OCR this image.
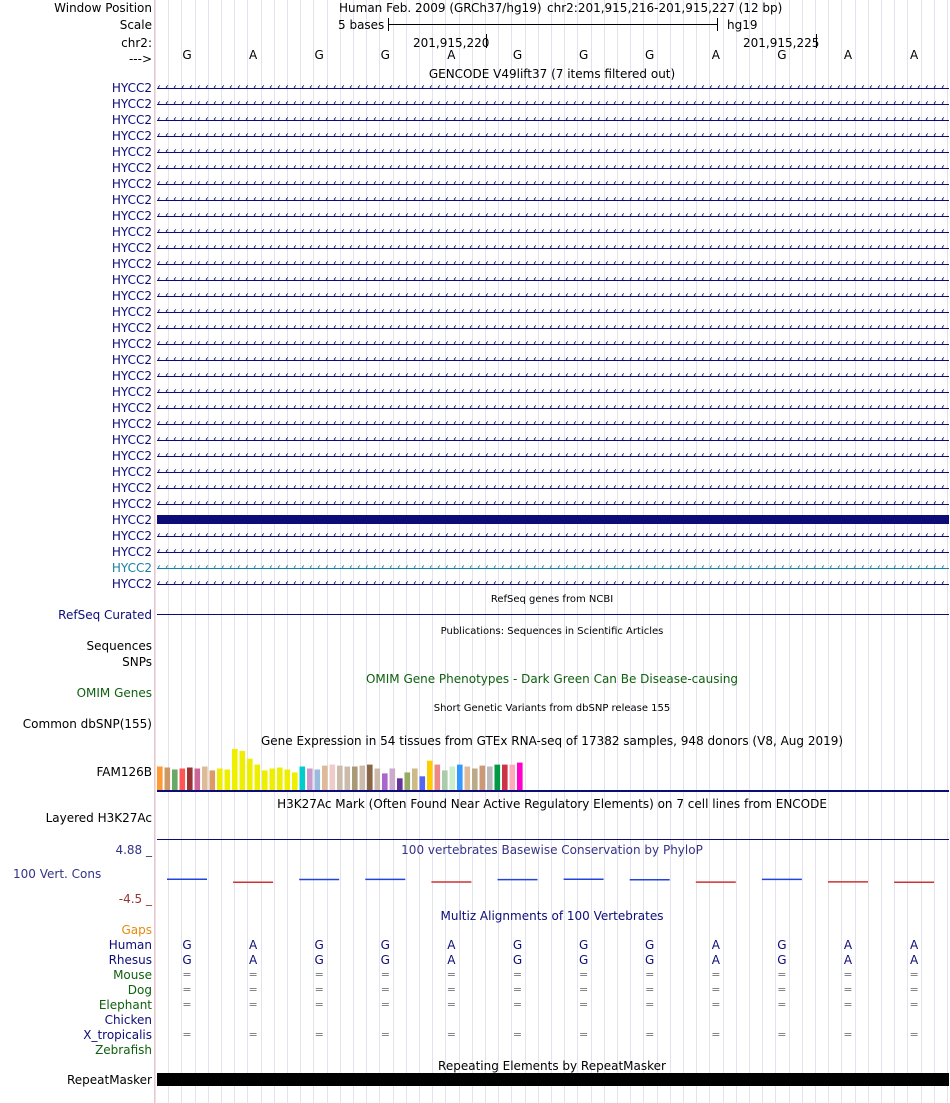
Window Position
Scale
chr2:
--->
Human Feb. 2009 (GRCh37/hg19) chr2:201,915,216-201,915,227 (12 bp)
5 bases	hg19
201,915,220	201,915,225
G	A	G	G	A	G	G	G	A	G	A	A
GENCODE V49lift37 (7 items filtered out)
HYCC2 ‹ ‹ ‹ ‹ ‹ ‹ ‹ ‹ ‹ ‹ ‹ ‹ ‹ ‹ ‹ ‹ ‹ ‹ ‹ ‹ ‹ ‹ ‹ ‹ ‹ ‹ ‹ ‹ ‹ ‹ ‹ ‹ ‹ ‹ ‹ ‹ ‹ ‹ ‹ ‹ ‹ ‹ ‹ ‹ ‹ ‹ ‹ ‹ ‹ ‹ ‹ ‹ ‹ ‹ ‹ ‹ ‹ ‹ ‹ ‹ ‹ ‹ ‹ ‹ ‹ ‹ ‹ ‹ ‹ ‹ ‹ ‹ ‹ ‹ ‹ ‹ ‹ ‹ ‹ ‹ ‹ ‹ ‹ ‹ ‹ ‹ ‹ ‹ ‹ ‹ ‹ ‹ ‹ ‹ ‹ ‹ ‹ ‹ ‹
HYCC2 ‹ ‹ ‹ ‹ ‹ ‹ ‹ ‹ ‹ ‹ ‹ ‹ ‹ ‹ ‹ ‹ ‹ ‹ ‹ ‹ ‹ ‹ ‹ ‹ ‹ ‹ ‹ ‹ ‹ ‹ ‹ ‹ ‹ ‹ ‹ ‹ ‹ ‹ ‹ ‹ ‹ ‹ ‹ ‹ ‹ ‹ ‹ ‹ ‹ ‹ ‹ ‹ ‹ ‹ ‹ ‹ ‹ ‹ ‹ ‹ ‹ ‹ ‹ ‹ ‹ ‹ ‹ ‹ ‹ ‹ ‹ ‹ ‹ ‹ ‹ ‹ ‹ ‹ ‹ ‹ ‹ ‹ ‹ ‹ ‹ ‹ ‹ ‹ ‹ ‹ ‹ ‹ ‹ ‹ ‹ ‹ ‹ ‹ ‹
HYCC2 ‹ ‹ ‹ ‹ ‹ ‹ ‹ ‹ ‹ ‹ ‹ ‹ ‹ ‹ ‹ ‹ ‹ ‹ ‹ ‹ ‹ ‹ ‹ ‹ ‹ ‹ ‹ ‹ ‹ ‹ ‹ ‹ ‹ ‹ ‹ ‹ ‹ ‹ ‹ ‹ ‹ ‹ ‹ ‹ ‹ ‹ ‹ ‹ ‹ ‹ ‹ ‹ ‹ ‹ ‹ ‹ ‹ ‹ ‹ ‹ ‹ ‹ ‹ ‹ ‹ ‹ ‹ ‹ ‹ ‹ ‹ ‹ ‹ ‹ ‹ ‹ ‹ ‹ ‹ ‹ ‹ ‹ ‹ ‹ ‹ ‹ ‹ ‹ ‹ ‹ ‹ ‹ ‹ ‹ ‹ ‹ ‹ ‹ ‹
HYCC2 ‹ ‹ ‹ ‹ ‹ ‹ ‹ ‹ ‹ ‹ ‹ ‹ ‹ ‹ ‹ ‹ ‹ ‹ ‹ ‹ ‹ ‹ ‹ ‹ ‹ ‹ ‹ ‹ ‹ ‹ ‹ ‹ ‹ ‹ ‹ ‹ ‹ ‹ ‹ ‹ ‹ ‹ ‹ ‹ ‹ ‹ ‹ ‹ ‹ ‹ ‹ ‹ ‹ ‹ ‹ ‹ ‹ ‹ ‹ ‹ ‹ ‹ ‹ ‹ ‹ ‹ ‹ ‹ ‹ ‹ ‹ ‹ ‹ ‹ ‹ ‹ ‹ ‹ ‹ ‹ ‹ ‹ ‹ ‹ ‹ ‹ ‹ ‹ ‹ ‹ ‹ ‹ ‹ ‹ ‹ ‹ ‹ ‹ ‹
HYCC2 ‹ ‹ ‹ ‹ ‹ ‹ ‹ ‹ ‹ ‹ ‹ ‹ ‹ ‹ ‹ ‹ ‹ ‹ ‹ ‹ ‹ ‹ ‹ ‹ ‹ ‹ ‹ ‹ ‹ ‹ ‹ ‹ ‹ ‹ ‹ ‹ ‹ ‹ ‹ ‹ ‹ ‹ ‹ ‹ ‹ ‹ ‹ ‹ ‹ ‹ ‹ ‹ ‹ ‹ ‹ ‹ ‹ ‹ ‹ ‹ ‹ ‹ ‹ ‹ ‹ ‹ ‹ ‹ ‹ ‹ ‹ ‹ ‹ ‹ ‹ ‹ ‹ ‹ ‹ ‹ ‹ ‹ ‹ ‹ ‹ ‹ ‹ ‹ ‹ ‹ ‹ ‹ ‹ ‹ ‹ ‹ ‹ ‹ ‹
HYCC2 ‹ ‹ ‹ ‹ ‹ ‹ ‹ ‹ ‹ ‹ ‹ ‹ ‹ ‹ ‹ ‹ ‹ ‹ ‹ ‹ ‹ ‹ ‹ ‹ ‹ ‹ ‹ ‹ ‹ ‹ ‹ ‹ ‹ ‹ ‹ ‹ ‹ ‹ ‹ ‹ ‹ ‹ ‹ ‹ ‹ ‹ ‹ ‹ ‹ ‹ ‹ ‹ ‹ ‹ ‹ ‹ ‹ ‹ ‹ ‹ ‹ ‹ ‹ ‹ ‹ ‹ ‹ ‹ ‹ ‹ ‹ ‹ ‹ ‹ ‹ ‹ ‹ ‹ ‹ ‹ ‹ ‹ ‹ ‹ ‹ ‹ ‹ ‹ ‹ ‹ ‹ ‹ ‹ ‹ ‹ ‹ ‹ ‹ ‹
HYCC2 ‹ ‹ ‹ ‹ ‹ ‹ ‹ ‹ ‹ ‹ ‹ ‹ ‹ ‹ ‹ ‹ ‹ ‹ ‹ ‹ ‹ ‹ ‹ ‹ ‹ ‹ ‹ ‹ ‹ ‹ ‹ ‹ ‹ ‹ ‹ ‹ ‹ ‹ ‹ ‹ ‹ ‹ ‹ ‹ ‹ ‹ ‹ ‹ ‹ ‹ ‹ ‹ ‹ ‹ ‹ ‹ ‹ ‹ ‹ ‹ ‹ ‹ ‹ ‹ ‹ ‹ ‹ ‹ ‹ ‹ ‹ ‹ ‹ ‹ ‹ ‹ ‹ ‹ ‹ ‹ ‹ ‹ ‹ ‹ ‹ ‹ ‹ ‹ ‹ ‹ ‹ ‹ ‹ ‹ ‹ ‹ ‹ ‹ ‹
HYCC2 ‹ ‹ ‹ ‹ ‹ ‹ ‹ ‹ ‹ ‹ ‹ ‹ ‹ ‹ ‹ ‹ ‹ ‹ ‹ ‹ ‹ ‹ ‹ ‹ ‹ ‹ ‹ ‹ ‹ ‹ ‹ ‹ ‹ ‹ ‹ ‹ ‹ ‹ ‹ ‹ ‹ ‹ ‹ ‹ ‹ ‹ ‹ ‹ ‹ ‹ ‹ ‹ ‹ ‹ ‹ ‹ ‹ ‹ ‹ ‹ ‹ ‹ ‹ ‹ ‹ ‹ ‹ ‹ ‹ ‹ ‹ ‹ ‹ ‹ ‹ ‹ ‹ ‹ ‹ ‹ ‹ ‹ ‹ ‹ ‹ ‹ ‹ ‹ ‹ ‹ ‹ ‹ ‹ ‹ ‹ ‹ ‹ ‹ ‹
HYCC2 ‹ ‹ ‹ ‹ ‹ ‹ ‹ ‹ ‹ ‹ ‹ ‹ ‹ ‹ ‹ ‹ ‹ ‹ ‹ ‹ ‹ ‹ ‹ ‹ ‹ ‹ ‹ ‹ ‹ ‹ ‹ ‹ ‹ ‹ ‹ ‹ ‹ ‹ ‹ ‹ ‹ ‹ ‹ ‹ ‹ ‹ ‹ ‹ ‹ ‹ ‹ ‹ ‹ ‹ ‹ ‹ ‹ ‹ ‹ ‹ ‹ ‹ ‹ ‹ ‹ ‹ ‹ ‹ ‹ ‹ ‹ ‹ ‹ ‹ ‹ ‹ ‹ ‹ ‹ ‹ ‹ ‹ ‹ ‹ ‹ ‹ ‹ ‹ ‹ ‹ ‹ ‹ ‹ ‹ ‹ ‹ ‹ ‹ ‹
HYCC2 ‹ ‹ ‹ ‹ ‹ ‹ ‹ ‹ ‹ ‹ ‹ ‹ ‹ ‹ ‹ ‹ ‹ ‹ ‹ ‹ ‹ ‹ ‹ ‹ ‹ ‹ ‹ ‹ ‹ ‹ ‹ ‹ ‹ ‹ ‹ ‹ ‹ ‹ ‹ ‹ ‹ ‹ ‹ ‹ ‹ ‹ ‹ ‹ ‹ ‹ ‹ ‹ ‹ ‹ ‹ ‹ ‹ ‹ ‹ ‹ ‹ ‹ ‹ ‹ ‹ ‹ ‹ ‹ ‹ ‹ ‹ ‹ ‹ ‹ ‹ ‹ ‹ ‹ ‹ ‹ ‹ ‹ ‹ ‹ ‹ ‹ ‹ ‹ ‹ ‹ ‹ ‹ ‹ ‹ ‹ ‹ ‹ ‹ ‹
HYCC2 ‹ ‹ ‹ ‹ ‹ ‹ ‹ ‹ ‹ ‹ ‹ ‹ ‹ ‹ ‹ ‹ ‹ ‹ ‹ ‹ ‹ ‹ ‹ ‹ ‹ ‹ ‹ ‹ ‹ ‹ ‹ ‹ ‹ ‹ ‹ ‹ ‹ ‹ ‹ ‹ ‹ ‹ ‹ ‹ ‹ ‹ ‹ ‹ ‹ ‹ ‹ ‹ ‹ ‹ ‹ ‹ ‹ ‹ ‹ ‹ ‹ ‹ ‹ ‹ ‹ ‹ ‹ ‹ ‹ ‹ ‹ ‹ ‹ ‹ ‹ ‹ ‹ ‹ ‹ ‹ ‹ ‹ ‹ ‹ ‹ ‹ ‹ ‹ ‹ ‹ ‹ ‹ ‹ ‹ ‹ ‹ ‹ ‹ ‹
HYCC2 ‹ ‹ ‹ ‹ ‹ ‹ ‹ ‹ ‹ ‹ ‹ ‹ ‹ ‹ ‹ ‹ ‹ ‹ ‹ ‹ ‹ ‹ ‹ ‹ ‹ ‹ ‹ ‹ ‹ ‹ ‹ ‹ ‹ ‹ ‹ ‹ ‹ ‹ ‹ ‹ ‹ ‹ ‹ ‹ ‹ ‹ ‹ ‹ ‹ ‹ ‹ ‹ ‹ ‹ ‹ ‹ ‹ ‹ ‹ ‹ ‹ ‹ ‹ ‹ ‹ ‹ ‹ ‹ ‹ ‹ ‹ ‹ ‹ ‹ ‹ ‹ ‹ ‹ ‹ ‹ ‹ ‹ ‹ ‹ ‹ ‹ ‹ ‹ ‹ ‹ ‹ ‹ ‹ ‹ ‹ ‹ ‹ ‹ ‹
HYCC2 ‹ ‹ ‹ ‹ ‹ ‹ ‹ ‹ ‹ ‹ ‹ ‹ ‹ ‹ ‹ ‹ ‹ ‹ ‹ ‹ ‹ ‹ ‹ ‹ ‹ ‹ ‹ ‹ ‹ ‹ ‹ ‹ ‹ ‹ ‹ ‹ ‹ ‹ ‹ ‹ ‹ ‹ ‹ ‹ ‹ ‹ ‹ ‹ ‹ ‹ ‹ ‹ ‹ ‹ ‹ ‹ ‹ ‹ ‹ ‹ ‹ ‹ ‹ ‹ ‹ ‹ ‹ ‹ ‹ ‹ ‹ ‹ ‹ ‹ ‹ ‹ ‹ ‹ ‹ ‹ ‹ ‹ ‹ ‹ ‹ ‹ ‹ ‹ ‹ ‹ ‹ ‹ ‹ ‹ ‹ ‹ ‹ ‹ ‹
HYCC2 ‹ ‹ ‹ ‹ ‹ ‹ ‹ ‹ ‹ ‹ ‹ ‹ ‹ ‹ ‹ ‹ ‹ ‹ ‹ ‹ ‹ ‹ ‹ ‹ ‹ ‹ ‹ ‹ ‹ ‹ ‹ ‹ ‹ ‹ ‹ ‹ ‹ ‹ ‹ ‹ ‹ ‹ ‹ ‹ ‹ ‹ ‹ ‹ ‹ ‹ ‹ ‹ ‹ ‹ ‹ ‹ ‹ ‹ ‹ ‹ ‹ ‹ ‹ ‹ ‹ ‹ ‹ ‹ ‹ ‹ ‹ ‹ ‹ ‹ ‹ ‹ ‹ ‹ ‹ ‹ ‹ ‹ ‹ ‹ ‹ ‹ ‹ ‹ ‹ ‹ ‹ ‹ ‹ ‹ ‹ ‹ ‹ ‹ ‹
HYCC2 ‹ ‹ ‹ ‹ ‹ ‹ ‹ ‹ ‹ ‹ ‹ ‹ ‹ ‹ ‹ ‹ ‹ ‹ ‹ ‹ ‹ ‹ ‹ ‹ ‹ ‹ ‹ ‹ ‹ ‹ ‹ ‹ ‹ ‹ ‹ ‹ ‹ ‹ ‹ ‹ ‹ ‹ ‹ ‹ ‹ ‹ ‹ ‹ ‹ ‹ ‹ ‹ ‹ ‹ ‹ ‹ ‹ ‹ ‹ ‹ ‹ ‹ ‹ ‹ ‹ ‹ ‹ ‹ ‹ ‹ ‹ ‹ ‹ ‹ ‹ ‹ ‹ ‹ ‹ ‹ ‹ ‹ ‹ ‹ ‹ ‹ ‹ ‹ ‹ ‹ ‹ ‹ ‹ ‹ ‹ ‹ ‹ ‹ ‹
HYCC2 ‹ ‹ ‹ ‹ ‹ ‹ ‹ ‹ ‹ ‹ ‹ ‹ ‹ ‹ ‹ ‹ ‹ ‹ ‹ ‹ ‹ ‹ ‹ ‹ ‹ ‹ ‹ ‹ ‹ ‹ ‹ ‹ ‹ ‹ ‹ ‹ ‹ ‹ ‹ ‹ ‹ ‹ ‹ ‹ ‹ ‹ ‹ ‹ ‹ ‹ ‹ ‹ ‹ ‹ ‹ ‹ ‹ ‹ ‹ ‹ ‹ ‹ ‹ ‹ ‹ ‹ ‹ ‹ ‹ ‹ ‹ ‹ ‹ ‹ ‹ ‹ ‹ ‹ ‹ ‹ ‹ ‹ ‹ ‹ ‹ ‹ ‹ ‹ ‹ ‹ ‹ ‹ ‹ ‹ ‹ ‹ ‹ ‹ ‹
HYCC2 ‹ ‹ ‹ ‹ ‹ ‹ ‹ ‹ ‹ ‹ ‹ ‹ ‹ ‹ ‹ ‹ ‹ ‹ ‹ ‹ ‹ ‹ ‹ ‹ ‹ ‹ ‹ ‹ ‹ ‹ ‹ ‹ ‹ ‹ ‹ ‹ ‹ ‹ ‹ ‹ ‹ ‹ ‹ ‹ ‹ ‹ ‹ ‹ ‹ ‹ ‹ ‹ ‹ ‹ ‹ ‹ ‹ ‹ ‹ ‹ ‹ ‹ ‹ ‹ ‹ ‹ ‹ ‹ ‹ ‹ ‹ ‹ ‹ ‹ ‹ ‹ ‹ ‹ ‹ ‹ ‹ ‹ ‹ ‹ ‹ ‹ ‹ ‹ ‹ ‹ ‹ ‹ ‹ ‹ ‹ ‹ ‹ ‹ ‹
HYCC2 ‹ ‹ ‹ ‹ ‹ ‹ ‹ ‹ ‹ ‹ ‹ ‹ ‹ ‹ ‹ ‹ ‹ ‹ ‹ ‹ ‹ ‹ ‹ ‹ ‹ ‹ ‹ ‹ ‹ ‹ ‹ ‹ ‹ ‹ ‹ ‹ ‹ ‹ ‹ ‹ ‹ ‹ ‹ ‹ ‹ ‹ ‹ ‹ ‹ ‹ ‹ ‹ ‹ ‹ ‹ ‹ ‹ ‹ ‹ ‹ ‹ ‹ ‹ ‹ ‹ ‹ ‹ ‹ ‹ ‹ ‹ ‹ ‹ ‹ ‹ ‹ ‹ ‹ ‹ ‹ ‹ ‹ ‹ ‹ ‹ ‹ ‹ ‹ ‹ ‹ ‹ ‹ ‹ ‹ ‹ ‹ ‹ ‹ ‹
HYCC2 ‹ ‹ ‹ ‹ ‹ ‹ ‹ ‹ ‹ ‹ ‹ ‹ ‹ ‹ ‹ ‹ ‹ ‹ ‹ ‹ ‹ ‹ ‹ ‹ ‹ ‹ ‹ ‹ ‹ ‹ ‹ ‹ ‹ ‹ ‹ ‹ ‹ ‹ ‹ ‹ ‹ ‹ ‹ ‹ ‹ ‹ ‹ ‹ ‹ ‹ ‹ ‹ ‹ ‹ ‹ ‹ ‹ ‹ ‹ ‹ ‹ ‹ ‹ ‹ ‹ ‹ ‹ ‹ ‹ ‹ ‹ ‹ ‹ ‹ ‹ ‹ ‹ ‹ ‹ ‹ ‹ ‹ ‹ ‹ ‹ ‹ ‹ ‹ ‹ ‹ ‹ ‹ ‹ ‹ ‹ ‹ ‹ ‹ ‹
HYCC2 ‹ ‹ ‹ ‹ ‹ ‹ ‹ ‹ ‹ ‹ ‹ ‹ ‹ ‹ ‹ ‹ ‹ ‹ ‹ ‹ ‹ ‹ ‹ ‹ ‹ ‹ ‹ ‹ ‹ ‹ ‹ ‹ ‹ ‹ ‹ ‹ ‹ ‹ ‹ ‹ ‹ ‹ ‹ ‹ ‹ ‹ ‹ ‹ ‹ ‹ ‹ ‹ ‹ ‹ ‹ ‹ ‹ ‹ ‹ ‹ ‹ ‹ ‹ ‹ ‹ ‹ ‹ ‹ ‹ ‹ ‹ ‹ ‹ ‹ ‹ ‹ ‹ ‹ ‹ ‹ ‹ ‹ ‹ ‹ ‹ ‹ ‹ ‹ ‹ ‹ ‹ ‹ ‹ ‹ ‹ ‹ ‹ ‹ ‹
HYCC2 ‹ ‹ ‹ ‹ ‹ ‹ ‹ ‹ ‹ ‹ ‹ ‹ ‹ ‹ ‹ ‹ ‹ ‹ ‹ ‹ ‹ ‹ ‹ ‹ ‹ ‹ ‹ ‹ ‹ ‹ ‹ ‹ ‹ ‹ ‹ ‹ ‹ ‹ ‹ ‹ ‹ ‹ ‹ ‹ ‹ ‹ ‹ ‹ ‹ ‹ ‹ ‹ ‹ ‹ ‹ ‹ ‹ ‹ ‹ ‹ ‹ ‹ ‹ ‹ ‹ ‹ ‹ ‹ ‹ ‹ ‹ ‹ ‹ ‹ ‹ ‹ ‹ ‹ ‹ ‹ ‹ ‹ ‹ ‹ ‹ ‹ ‹ ‹ ‹ ‹ ‹ ‹ ‹ ‹ ‹ ‹ ‹ ‹ ‹
HYCC2 ‹ ‹ ‹ ‹ ‹ ‹ ‹ ‹ ‹ ‹ ‹ ‹ ‹ ‹ ‹ ‹ ‹ ‹ ‹ ‹ ‹ ‹ ‹ ‹ ‹ ‹ ‹ ‹ ‹ ‹ ‹ ‹ ‹ ‹ ‹ ‹ ‹ ‹ ‹ ‹ ‹ ‹ ‹ ‹ ‹ ‹ ‹ ‹ ‹ ‹ ‹ ‹ ‹ ‹ ‹ ‹ ‹ ‹ ‹ ‹ ‹ ‹ ‹ ‹ ‹ ‹ ‹ ‹ ‹ ‹ ‹ ‹ ‹ ‹ ‹ ‹ ‹ ‹ ‹ ‹ ‹ ‹ ‹ ‹ ‹ ‹ ‹ ‹ ‹ ‹ ‹ ‹ ‹ ‹ ‹ ‹ ‹ ‹ ‹
HYCC2 ‹ ‹ ‹ ‹ ‹ ‹ ‹ ‹ ‹ ‹ ‹ ‹ ‹ ‹ ‹ ‹ ‹ ‹ ‹ ‹ ‹ ‹ ‹ ‹ ‹ ‹ ‹ ‹ ‹ ‹ ‹ ‹ ‹ ‹ ‹ ‹ ‹ ‹ ‹ ‹ ‹ ‹ ‹ ‹ ‹ ‹ ‹ ‹ ‹ ‹ ‹ ‹ ‹ ‹ ‹ ‹ ‹ ‹ ‹ ‹ ‹ ‹ ‹ ‹ ‹ ‹ ‹ ‹ ‹ ‹ ‹ ‹ ‹ ‹ ‹ ‹ ‹ ‹ ‹ ‹ ‹ ‹ ‹ ‹ ‹ ‹ ‹ ‹ ‹ ‹ ‹ ‹ ‹ ‹ ‹ ‹ ‹ ‹ ‹
HYCC2 ‹ ‹ ‹ ‹ ‹ ‹ ‹ ‹ ‹ ‹ ‹ ‹ ‹ ‹ ‹ ‹ ‹ ‹ ‹ ‹ ‹ ‹ ‹ ‹ ‹ ‹ ‹ ‹ ‹ ‹ ‹ ‹ ‹ ‹ ‹ ‹ ‹ ‹ ‹ ‹ ‹ ‹ ‹ ‹ ‹ ‹ ‹ ‹ ‹ ‹ ‹ ‹ ‹ ‹ ‹ ‹ ‹ ‹ ‹ ‹ ‹ ‹ ‹ ‹ ‹ ‹ ‹ ‹ ‹ ‹ ‹ ‹ ‹ ‹ ‹ ‹ ‹ ‹ ‹ ‹ ‹ ‹ ‹ ‹ ‹ ‹ ‹ ‹ ‹ ‹ ‹ ‹ ‹ ‹ ‹ ‹ ‹ ‹ ‹
HYCC2 ‹ ‹ ‹ ‹ ‹ ‹ ‹ ‹ ‹ ‹ ‹ ‹ ‹ ‹ ‹ ‹ ‹ ‹ ‹ ‹ ‹ ‹ ‹ ‹ ‹ ‹ ‹ ‹ ‹ ‹ ‹ ‹ ‹ ‹ ‹ ‹ ‹ ‹ ‹ ‹ ‹ ‹ ‹ ‹ ‹ ‹ ‹ ‹ ‹ ‹ ‹ ‹ ‹ ‹ ‹ ‹ ‹ ‹ ‹ ‹ ‹ ‹ ‹ ‹ ‹ ‹ ‹ ‹ ‹ ‹ ‹ ‹ ‹ ‹ ‹ ‹ ‹ ‹ ‹ ‹ ‹ ‹ ‹ ‹ ‹ ‹ ‹ ‹ ‹ ‹ ‹ ‹ ‹ ‹ ‹ ‹ ‹ ‹ ‹
HYCC2 ‹ ‹ ‹ ‹ ‹ ‹ ‹ ‹ ‹ ‹ ‹ ‹ ‹ ‹ ‹ ‹ ‹ ‹ ‹ ‹ ‹ ‹ ‹ ‹ ‹ ‹ ‹ ‹ ‹ ‹ ‹ ‹ ‹ ‹ ‹ ‹ ‹ ‹ ‹ ‹ ‹ ‹ ‹ ‹ ‹ ‹ ‹ ‹ ‹ ‹ ‹ ‹ ‹ ‹ ‹ ‹ ‹ ‹ ‹ ‹ ‹ ‹ ‹ ‹ ‹ ‹ ‹ ‹ ‹ ‹ ‹ ‹ ‹ ‹ ‹ ‹ ‹ ‹ ‹ ‹ ‹ ‹ ‹ ‹ ‹ ‹ ‹ ‹ ‹ ‹ ‹ ‹ ‹ ‹ ‹ ‹ ‹ ‹ ‹
HYCC2 ‹ ‹ ‹ ‹ ‹ ‹ ‹ ‹ ‹ ‹ ‹ ‹ ‹ ‹ ‹ ‹ ‹ ‹ ‹ ‹ ‹ ‹ ‹ ‹ ‹ ‹ ‹ ‹ ‹ ‹ ‹ ‹ ‹ ‹ ‹ ‹ ‹ ‹ ‹ ‹ ‹ ‹ ‹ ‹ ‹ ‹ ‹ ‹ ‹ ‹ ‹ ‹ ‹ ‹ ‹ ‹ ‹ ‹ ‹ ‹ ‹ ‹ ‹ ‹ ‹ ‹ ‹ ‹ ‹ ‹ ‹ ‹ ‹ ‹ ‹ ‹ ‹ ‹ ‹ ‹ ‹ ‹ ‹ ‹ ‹ ‹ ‹ ‹ ‹ ‹ ‹ ‹ ‹ ‹ ‹ ‹ ‹ ‹ ‹
HYCC2
HYCC2 ‹ ‹ ‹ ‹ ‹ ‹ ‹ ‹ ‹ ‹ ‹ ‹ ‹ ‹ ‹ ‹ ‹ ‹ ‹ ‹ ‹ ‹ ‹ ‹ ‹ ‹ ‹ ‹ ‹ ‹ ‹ ‹ ‹ ‹ ‹ ‹ ‹ ‹ ‹ ‹ ‹ ‹ ‹ ‹ ‹ ‹ ‹ ‹ ‹ ‹ ‹ ‹ ‹ ‹ ‹ ‹ ‹ ‹ ‹ ‹ ‹ ‹ ‹ ‹ ‹ ‹ ‹ ‹ ‹ ‹ ‹ ‹ ‹ ‹ ‹ ‹ ‹ ‹ ‹ ‹ ‹ ‹ ‹ ‹ ‹ ‹ ‹ ‹ ‹ ‹ ‹ ‹ ‹ ‹ ‹ ‹ ‹ ‹ ‹
HYCC2 ‹ ‹ ‹ ‹ ‹ ‹ ‹ ‹ ‹ ‹ ‹ ‹ ‹ ‹ ‹ ‹ ‹ ‹ ‹ ‹ ‹ ‹ ‹ ‹ ‹ ‹ ‹ ‹ ‹ ‹ ‹ ‹ ‹ ‹ ‹ ‹ ‹ ‹ ‹ ‹ ‹ ‹ ‹ ‹ ‹ ‹ ‹ ‹ ‹ ‹ ‹ ‹ ‹ ‹ ‹ ‹ ‹ ‹ ‹ ‹ ‹ ‹ ‹ ‹ ‹ ‹ ‹ ‹ ‹ ‹ ‹ ‹ ‹ ‹ ‹ ‹ ‹ ‹ ‹ ‹ ‹ ‹ ‹ ‹ ‹ ‹ ‹ ‹ ‹ ‹ ‹ ‹ ‹ ‹ ‹ ‹ ‹ ‹ ‹
HYCC2 ‹ ‹ ‹ ‹ ‹ ‹ ‹ ‹ ‹ ‹ ‹ ‹ ‹ ‹ ‹ ‹ ‹ ‹ ‹ ‹ ‹ ‹ ‹ ‹ ‹ ‹ ‹ ‹ ‹ ‹ ‹ ‹ ‹ ‹ ‹ ‹ ‹ ‹ ‹ ‹ ‹ ‹ ‹ ‹ ‹ ‹ ‹ ‹ ‹ ‹ ‹ ‹ ‹ ‹ ‹ ‹ ‹ ‹ ‹ ‹ ‹ ‹ ‹ ‹ ‹ ‹ ‹ ‹ ‹ ‹ ‹ ‹ ‹ ‹ ‹ ‹ ‹ ‹ ‹ ‹ ‹ ‹ ‹ ‹ ‹ ‹ ‹ ‹ ‹ ‹ ‹ ‹ ‹ ‹ ‹ ‹ ‹ ‹ ‹
HYCC2 ‹ ‹ ‹ ‹ ‹ ‹ ‹ ‹ ‹ ‹ ‹ ‹ ‹ ‹ ‹ ‹ ‹ ‹ ‹ ‹ ‹ ‹ ‹ ‹ ‹ ‹ ‹ ‹ ‹ ‹ ‹ ‹ ‹ ‹ ‹ ‹ ‹ ‹ ‹ ‹ ‹ ‹ ‹ ‹ ‹ ‹ ‹ ‹ ‹ ‹ ‹ ‹ ‹ ‹ ‹ ‹ ‹ ‹ ‹ ‹ ‹ ‹ ‹ ‹ ‹ ‹ ‹ ‹ ‹ ‹ ‹ ‹ ‹ ‹ ‹ ‹ ‹ ‹ ‹ ‹ ‹ ‹ ‹ ‹ ‹ ‹ ‹ ‹ ‹ ‹ ‹ ‹ ‹ ‹ ‹ ‹ ‹ ‹ ‹
RefSeq genes from NCBI
RefSeq Curated
Publications: Sequences in Scientific Articles
Sequences
SNPs
OMIM Gene Phenotypes - Dark Green Can Be Disease-causing
OMIM Genes
Short Genetic Variants from dbSNP release 155
Common dbSNP(155)
Gene Expression in 54 tissues from GTEx RNA-seq of 17382 samples, 948 donors (V8, Aug 2019)
FAM126B
H3K27Ac Mark (Often Found Near Active Regulatory Elements) on 7 cell lines from ENCODE
Layered H3K27Ac
100 vertebrates Basewise Conservation by PhyloP
4.88 _
100 Vert. Cons
-4.5 _
Multiz Alignments of 100 Vertebrates
Gaps
Human	G	A	G	G	A	G	G	G	A	G	A	A
Rhesus	G	A	G	G	A	G	G	G	A	G	A	A
Mouse	=	=	=	=	=	=	=	=	=	=	=	=
Dog	=	=	=	=	=	=	=	=	=	=	=	=
Elephant	=	=	=	=	=	=	=	=	=	=	=	=
Chicken
X_tropicalis	=	=	=	=	=	=	=	=	=	=	=	=
Zebrafish
Repeating Elements by RepeatMasker
RepeatMasker
